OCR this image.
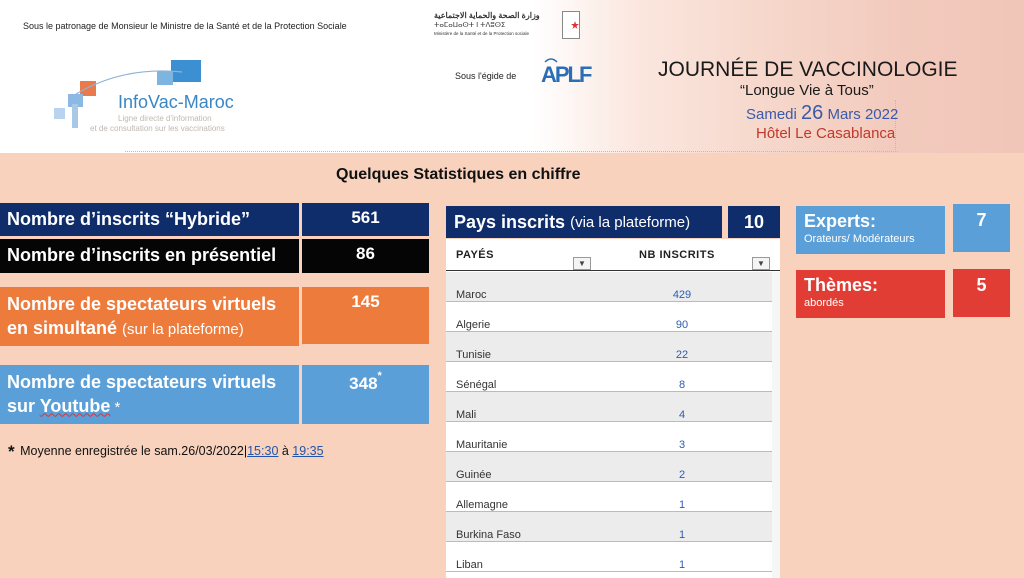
Sous le patronage de Monsieur le Ministre de la Santé et de la Protection Sociale
وزارة الصحة والحماية الاجتماعية
ⵜⴰⵎⴰⵡⴰⵙⵜ ⵏ ⵜⴷⵓⵙⵉ
Ministère de la Santé et de la Protection sociale
InfoVac-Maroc
Ligne directe d'information
et de consultation sur les vaccinations
Sous l'égide de APLF	JOURNÉE DE VACCINOLOGIE
“Longue Vie à Tous”
Samedi 26 Mars 2022
Hôtel Le Casablanca
Quelques Statistiques en chiffre
Nombre d’inscrits “Hybride”	561
Nombre d’inscrits en présentiel	86
Nombre de spectateurs virtuels
en simultané (sur la plateforme)
145
Nombre de spectateurs virtuels
sur Youtube *
348 *
* Moyenne enregistrée le sam.26/03/2022|15:30 à 19:35
Pays inscrits (via la plateforme)	10
PAYÉS
▼
NB INSCRITS
▼
Maroc	429
Algerie	90
Tunisie	22
Sénégal	8
Mali	4
Mauritanie	3
Guinée	2
Allemagne	1
Burkina Faso	1
Liban	1
Experts:
Orateurs/ Modérateurs
7
Thèmes:
abordés
5
